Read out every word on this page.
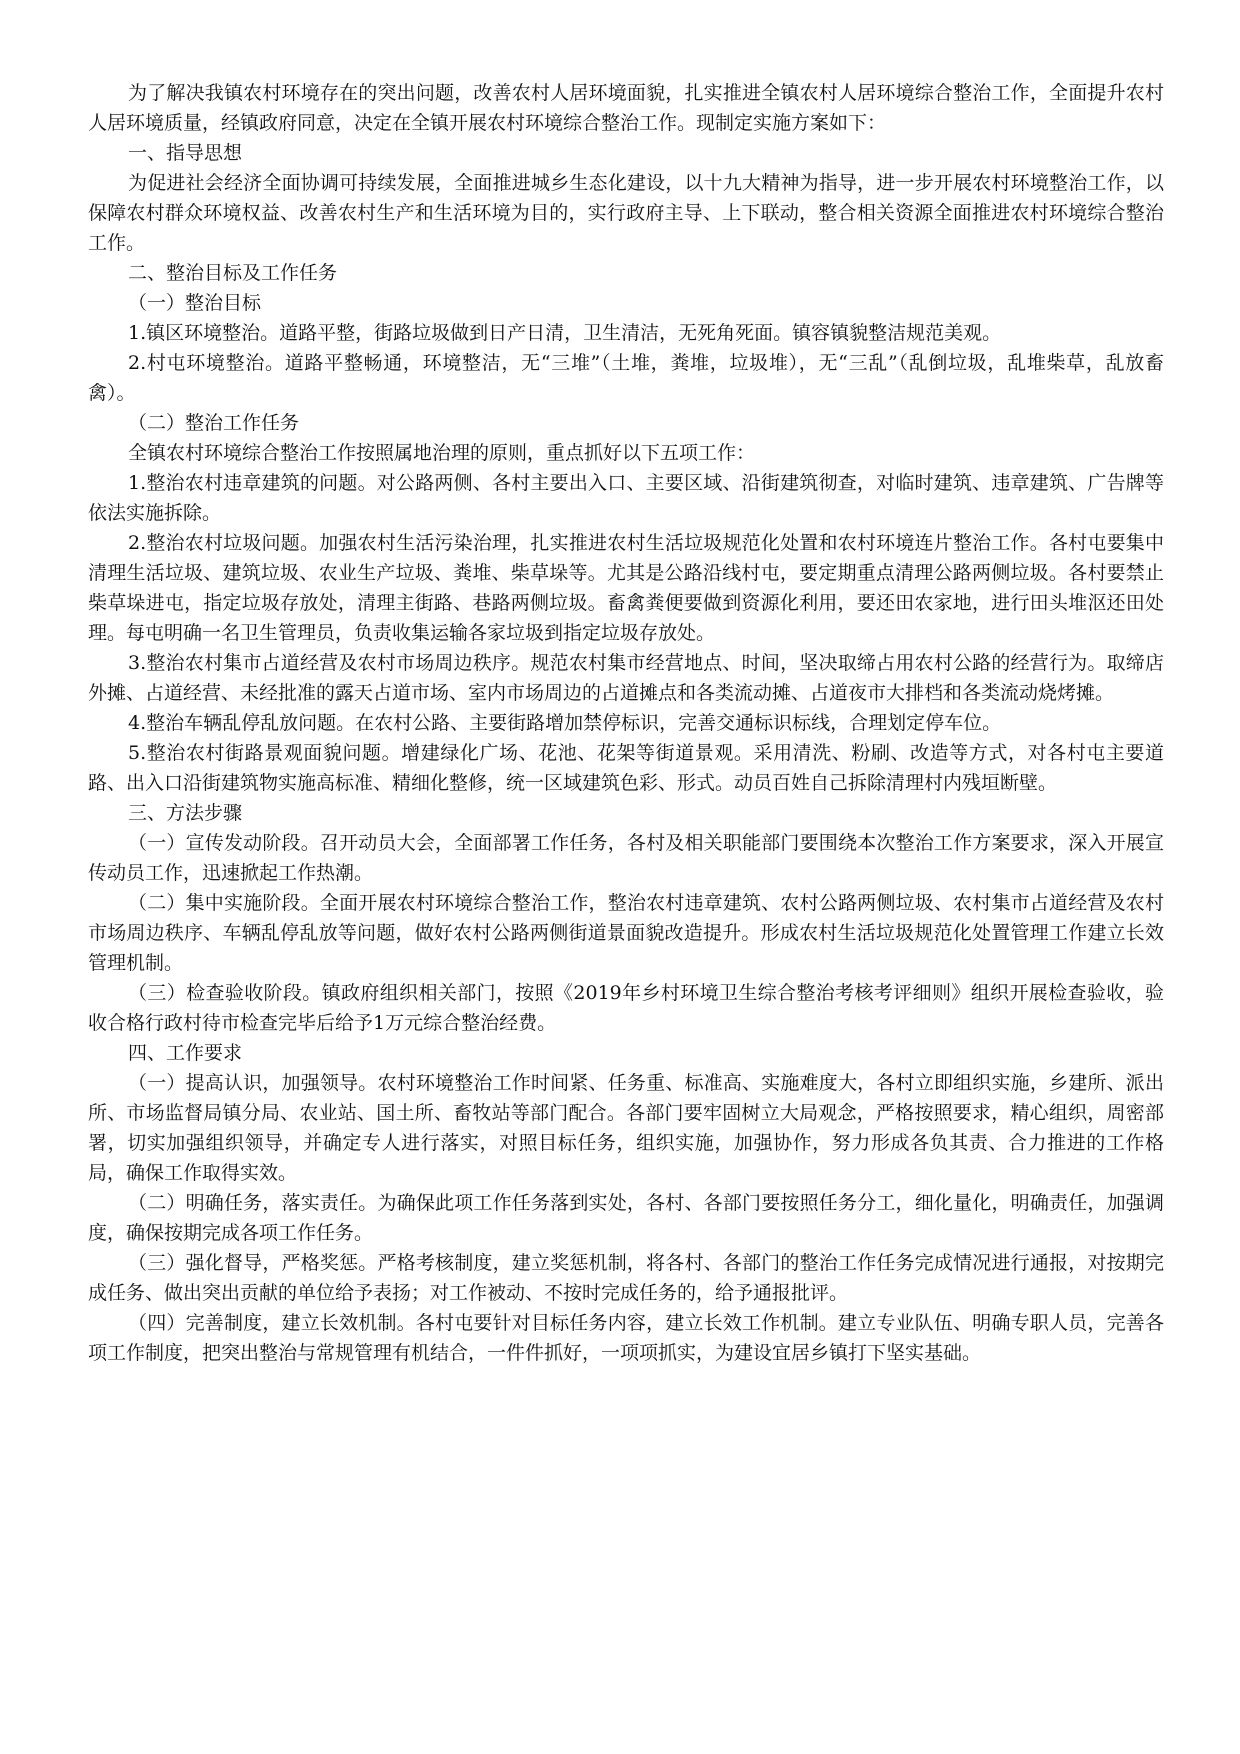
为了解决我镇农村环境存在的突出问题，改善农村人居环境面貌，扎实推进全镇农村人居环境综合整治工作，全面提升农村人居环境质量，经镇政府同意，决定在全镇开展农村环境综合整治工作。现制定实施方案如下：

一、指导思想

为促进社会经济全面协调可持续发展，全面推进城乡生态化建设，以十九大精神为指导，进一步开展农村环境整治工作，以保障农村群众环境权益、改善农村生产和生活环境为目的，实行政府主导、上下联动，整合相关资源全面推进农村环境综合整治工作。

二、整治目标及工作任务

（一）整治目标

1.镇区环境整治。道路平整，街路垃圾做到日产日清，卫生清洁，无死角死面。镇容镇貌整洁规范美观。

2.村屯环境整治。道路平整畅通，环境整洁，无“三堆”（土堆，粪堆，垃圾堆），无“三乱”（乱倒垃圾，乱堆柴草，乱放畜禽）。

（二）整治工作任务

全镇农村环境综合整治工作按照属地治理的原则，重点抓好以下五项工作：

1.整治农村违章建筑的问题。对公路两侧、各村主要出入口、主要区域、沿街建筑彻查，对临时建筑、违章建筑、广告牌等依法实施拆除。

2.整治农村垃圾问题。加强农村生活污染治理，扎实推进农村生活垃圾规范化处置和农村环境连片整治工作。各村屯要集中清理生活垃圾、建筑垃圾、农业生产垃圾、粪堆、柴草垛等。尤其是公路沿线村屯，要定期重点清理公路两侧垃圾。各村要禁止柴草垛进屯，指定垃圾存放处，清理主街路、巷路两侧垃圾。畜禽粪便要做到资源化利用，要还田农家地，进行田头堆沤还田处理。每屯明确一名卫生管理员，负责收集运输各家垃圾到指定垃圾存放处。

3.整治农村集市占道经营及农村市场周边秩序。规范农村集市经营地点、时间，坚决取缔占用农村公路的经营行为。取缔店外摊、占道经营、未经批准的露天占道市场、室内市场周边的占道摊点和各类流动摊、占道夜市大排档和各类流动烧烤摊。

4.整治车辆乱停乱放问题。在农村公路、主要街路增加禁停标识，完善交通标识标线，合理划定停车位。

5.整治农村街路景观面貌问题。增建绿化广场、花池、花架等街道景观。采用清洗、粉刷、改造等方式，对各村屯主要道路、出入口沿街建筑物实施高标准、精细化整修，统一区域建筑色彩、形式。动员百姓自己拆除清理村内残垣断壁。

三、方法步骤

（一）宣传发动阶段。召开动员大会，全面部署工作任务，各村及相关职能部门要围绕本次整治工作方案要求，深入开展宣传动员工作，迅速掀起工作热潮。

（二）集中实施阶段。全面开展农村环境综合整治工作，整治农村违章建筑、农村公路两侧垃圾、农村集市占道经营及农村市场周边秩序、车辆乱停乱放等问题，做好农村公路两侧街道景面貌改造提升。形成农村生活垃圾规范化处置管理工作建立长效管理机制。

（三）检查验收阶段。镇政府组织相关部门，按照《2019年乡村环境卫生综合整治考核考评细则》组织开展检查验收，验收合格行政村待市检查完毕后给予1万元综合整治经费。

四、工作要求

（一）提高认识，加强领导。农村环境整治工作时间紧、任务重、标准高、实施难度大，各村立即组织实施，乡建所、派出所、市场监督局镇分局、农业站、国土所、畜牧站等部门配合。各部门要牢固树立大局观念，严格按照要求，精心组织，周密部署，切实加强组织领导，并确定专人进行落实，对照目标任务，组织实施，加强协作，努力形成各负其责、合力推进的工作格局，确保工作取得实效。

（二）明确任务，落实责任。为确保此项工作任务落到实处，各村、各部门要按照任务分工，细化量化，明确责任，加强调度，确保按期完成各项工作任务。

（三）强化督导，严格奖惩。严格考核制度，建立奖惩机制，将各村、各部门的整治工作任务完成情况进行通报，对按期完成任务、做出突出贡献的单位给予表扬；对工作被动、不按时完成任务的，给予通报批评。

（四）完善制度，建立长效机制。各村屯要针对目标任务内容，建立长效工作机制。建立专业队伍、明确专职人员，完善各项工作制度，把突出整治与常规管理有机结合，一件件抓好，一项项抓实，为建设宜居乡镇打下坚实基础。
